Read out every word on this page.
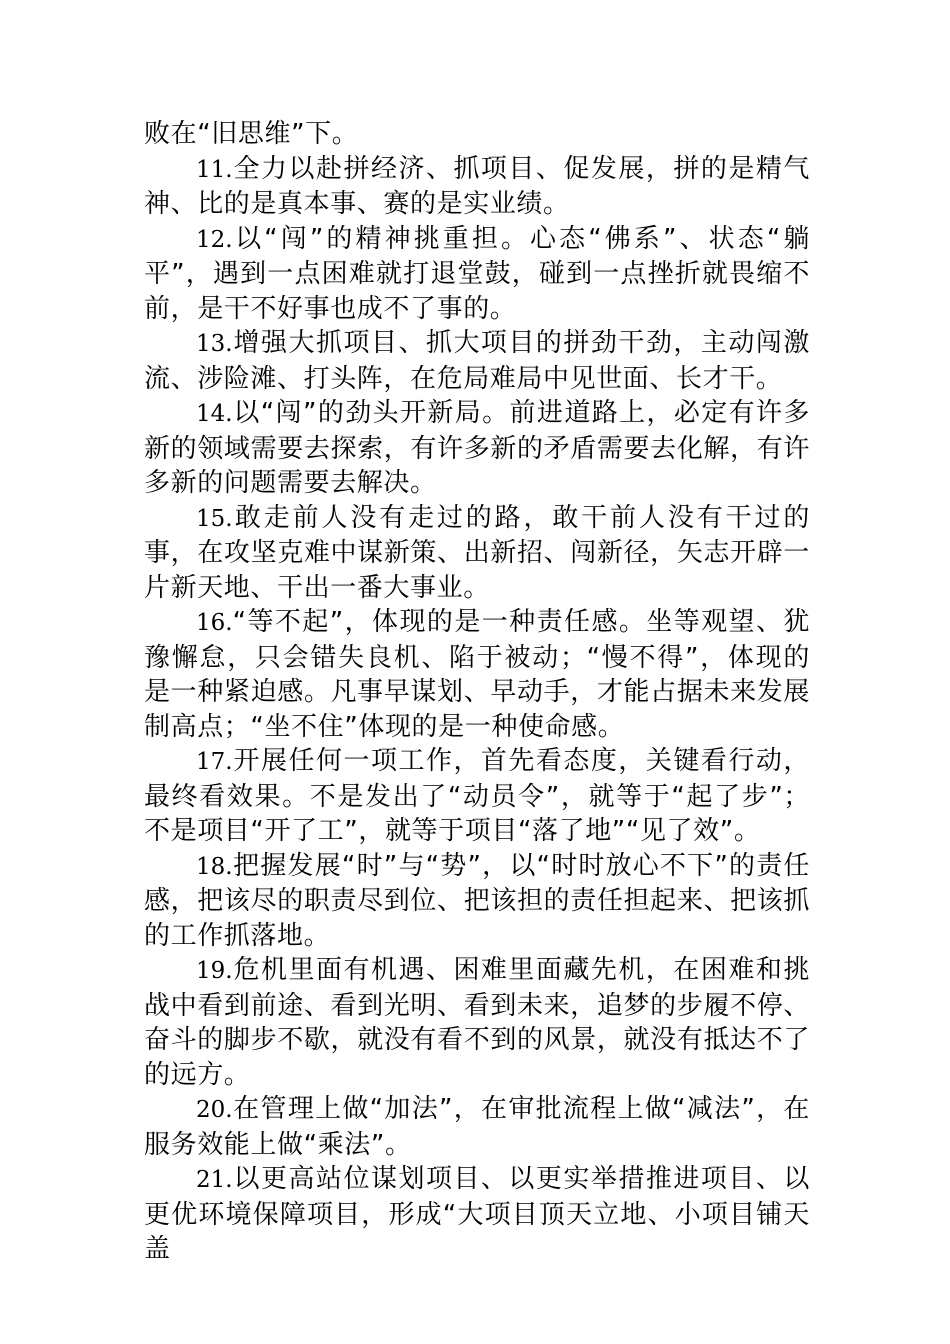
败在“旧思维”下。

11.全力以赴拼经济、抓项目、促发展，拼的是精气神、比的是真本事、赛的是实业绩。

12.以“闯”的精神挑重担。心态“佛系”、状态“躺平”，遇到一点困难就打退堂鼓，碰到一点挫折就畏缩不前，是干不好事也成不了事的。

13.增强大抓项目、抓大项目的拼劲干劲，主动闯激流、涉险滩、打头阵，在危局难局中见世面、长才干。

14.以“闯”的劲头开新局。前进道路上，必定有许多新的领域需要去探索，有许多新的矛盾需要去化解，有许多新的问题需要去解决。

15.敢走前人没有走过的路，敢干前人没有干过的事，在攻坚克难中谋新策、出新招、闯新径，矢志开辟一片新天地、干出一番大事业。

16.“等不起”，体现的是一种责任感。坐等观望、犹豫懈怠，只会错失良机、陷于被动；“慢不得”，体现的是一种紧迫感。凡事早谋划、早动手，才能占据未来发展制高点；“坐不住”体现的是一种使命感。

17.开展任何一项工作，首先看态度，关键看行动，最终看效果。不是发出了“动员令”，就等于“起了步”；不是项目“开了工”，就等于项目“落了地”“见了效”。

18.把握发展“时”与“势”，以“时时放心不下”的责任感，把该尽的职责尽到位、把该担的责任担起来、把该抓的工作抓落地。

19.危机里面有机遇、困难里面藏先机，在困难和挑战中看到前途、看到光明、看到未来，追梦的步履不停、奋斗的脚步不歇，就没有看不到的风景，就没有抵达不了的远方。

20.在管理上做“加法”，在审批流程上做“减法”，在服务效能上做“乘法”。

21.以更高站位谋划项目、以更实举措推进项目、以更优环境保障项目，形成“大项目顶天立地、小项目铺天盖
